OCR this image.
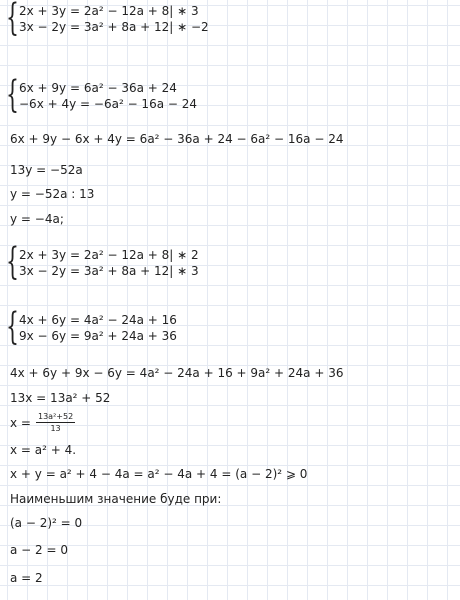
{ 2x + 3y = 2a² − 12a + 8| ∗ 3
3x − 2y = 3a² + 8a + 12| ∗ −2
{ 6x + 9y = 6a² − 36a + 24
−6x + 4y = −6a² − 16a − 24
6x + 9y − 6x + 4y = 6a² − 36a + 24 − 6a² − 16a − 24
13y = −52a
y = −52a : 13
y = −4a;
{ 2x + 3y = 2a² − 12a + 8| ∗ 2
3x − 2y = 3a² + 8a + 12| ∗ 3
{ 4x + 6y = 4a² − 24a + 16
9x − 6y = 9a² + 24a + 36
4x + 6y + 9x − 6y = 4a² − 24a + 16 + 9a² + 24a + 36
13x = 13a² + 52
$x = \frac{\text{13a²+52}}{13}$
x = a² + 4.
x + y = a² + 4 − 4a = a² − 4a + 4 = (a − 2)² ⩾ 0
Наименьшим значение буде при:
(a − 2)² = 0
a − 2 = 0
a = 2
